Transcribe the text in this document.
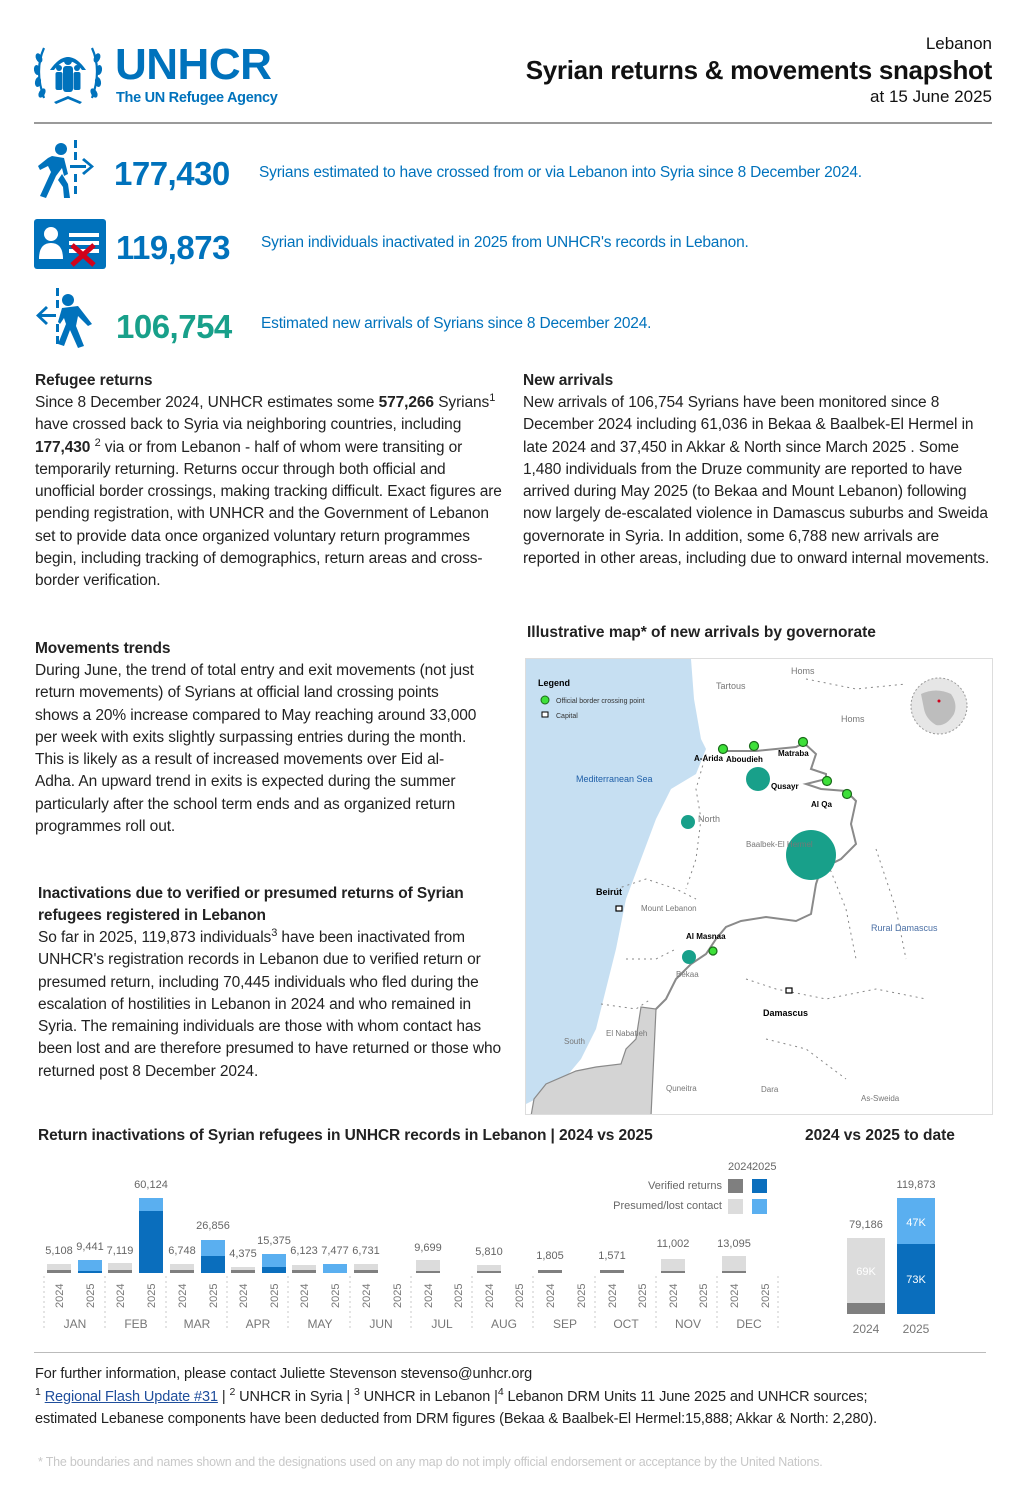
UNHCR
The UN Refugee Agency
Lebanon
Syrian returns & movements snapshot
at 15 June 2025
177,430 Syrians estimated to have crossed from or via Lebanon into Syria since 8 December 2024.
119,873 Syrian individuals inactivated in 2025 from UNHCR's records in Lebanon.
106,754 Estimated new arrivals of Syrians since 8 December 2024.
Refugee returns

Since 8 December 2024, UNHCR estimates some 577,266 Syrians$^1$ have crossed back to Syria via neighboring countries, including 177,430 $^2$ via or from Lebanon - half of whom were transiting or temporarily returning. Returns occur through both official and unofficial border crossings, making tracking difficult. Exact figures are pending registration, with UNHCR and the Government of Lebanon set to provide data once organized voluntary return programmes begin, including tracking of demographics, return areas and cross-border verification.

Movements trends

During June, the trend of total entry and exit movements (not just return movements) of Syrians at official land crossing points shows a 20% increase compared to May reaching around 33,000 per week with exits slightly surpassing entries during the month. This is likely as a result of increased movements over Eid al-Adha. An upward trend in exits is expected during the summer particularly after the school term ends and as organized return programmes roll out.

Inactivations due to verified or presumed returns of Syrian refugees registered in Lebanon

So far in 2025, 119,873 individuals$^3$ have been inactivated from UNHCR's registration records in Lebanon due to verified return or presumed return, including 70,445 individuals who fled during the escalation of hostilities in Lebanon in 2024 and who remained in Syria. The remaining individuals are those with whom contact has been lost and are therefore presumed to have returned or those who returned post 8 December 2024.

New arrivals

New arrivals of 106,754 Syrians have been monitored since 8 December 2024 including 61,036 in Bekaa & Baalbek-El Hermel in late 2024 and 37,450 in Akkar & North since March 2025 . Some 1,480 individuals from the Druze community are reported to have arrived during May 2025 (to Bekaa and Mount Lebanon) following now largely de-escalated violence in Damascus suburbs and Sweida governorate in Syria. In addition, some 6,788 new arrivals are reported in other areas, including due to onward internal movements.

Illustrative map* of new arrivals by governorate
Legend
Official border crossing point
Capital
Mediterranean Sea
Tartous
Homs
Homs
A-Arida Aboudieh
Matraba
Qusayr
Al Qa
North
Baalbek-El Hermel
Beirut
Mount Lebanon
Al Masnaa
Bekaa
Rural Damascus
Damascus
South
El Nabatieh
Quneitra	Dara
As-Sweida
Return inactivations of Syrian refugees in UNHCR records in Lebanon | 2024 vs 2025
2024 2025
Verified returns
Presumed/lost contact
5,108 9,441 7,119
60,124
6,748
26,856
4,375
15,375
6,123 7,477 6,731	9,699	5,810	1,805	1,571
11,002	13,095
2024 2025 2024 2025 2024 2025 2024 2025 2024 2025 2024 2025 2024 2025 2024 2025 2024 2025 2024 2025 2024 2025 2024 2025
JAN	FEB	MAR	APR	MAY	JUN	JUL	AUG	SEP	OCT	NOV	DEC
2024 vs 2025 to date
69K
47K
73K
79,186
119,873
2024 2025
For further information, please contact Juliette Stevenson stevenso@unhcr.org
$^1$ Regional Flash Update #31 | $^2$ UNHCR in Syria | $^3$ UNHCR in Lebanon $|^4$ Lebanon DRM Units 11 June 2025 and UNHCR sources;
estimated Lebanese components have been deducted from DRM figures (Bekaa & Baalbek-El Hermel:15,888; Akkar & North: 2,280).
* The boundaries and names shown and the designations used on any map do not imply official endorsement or acceptance by the United Nations.
